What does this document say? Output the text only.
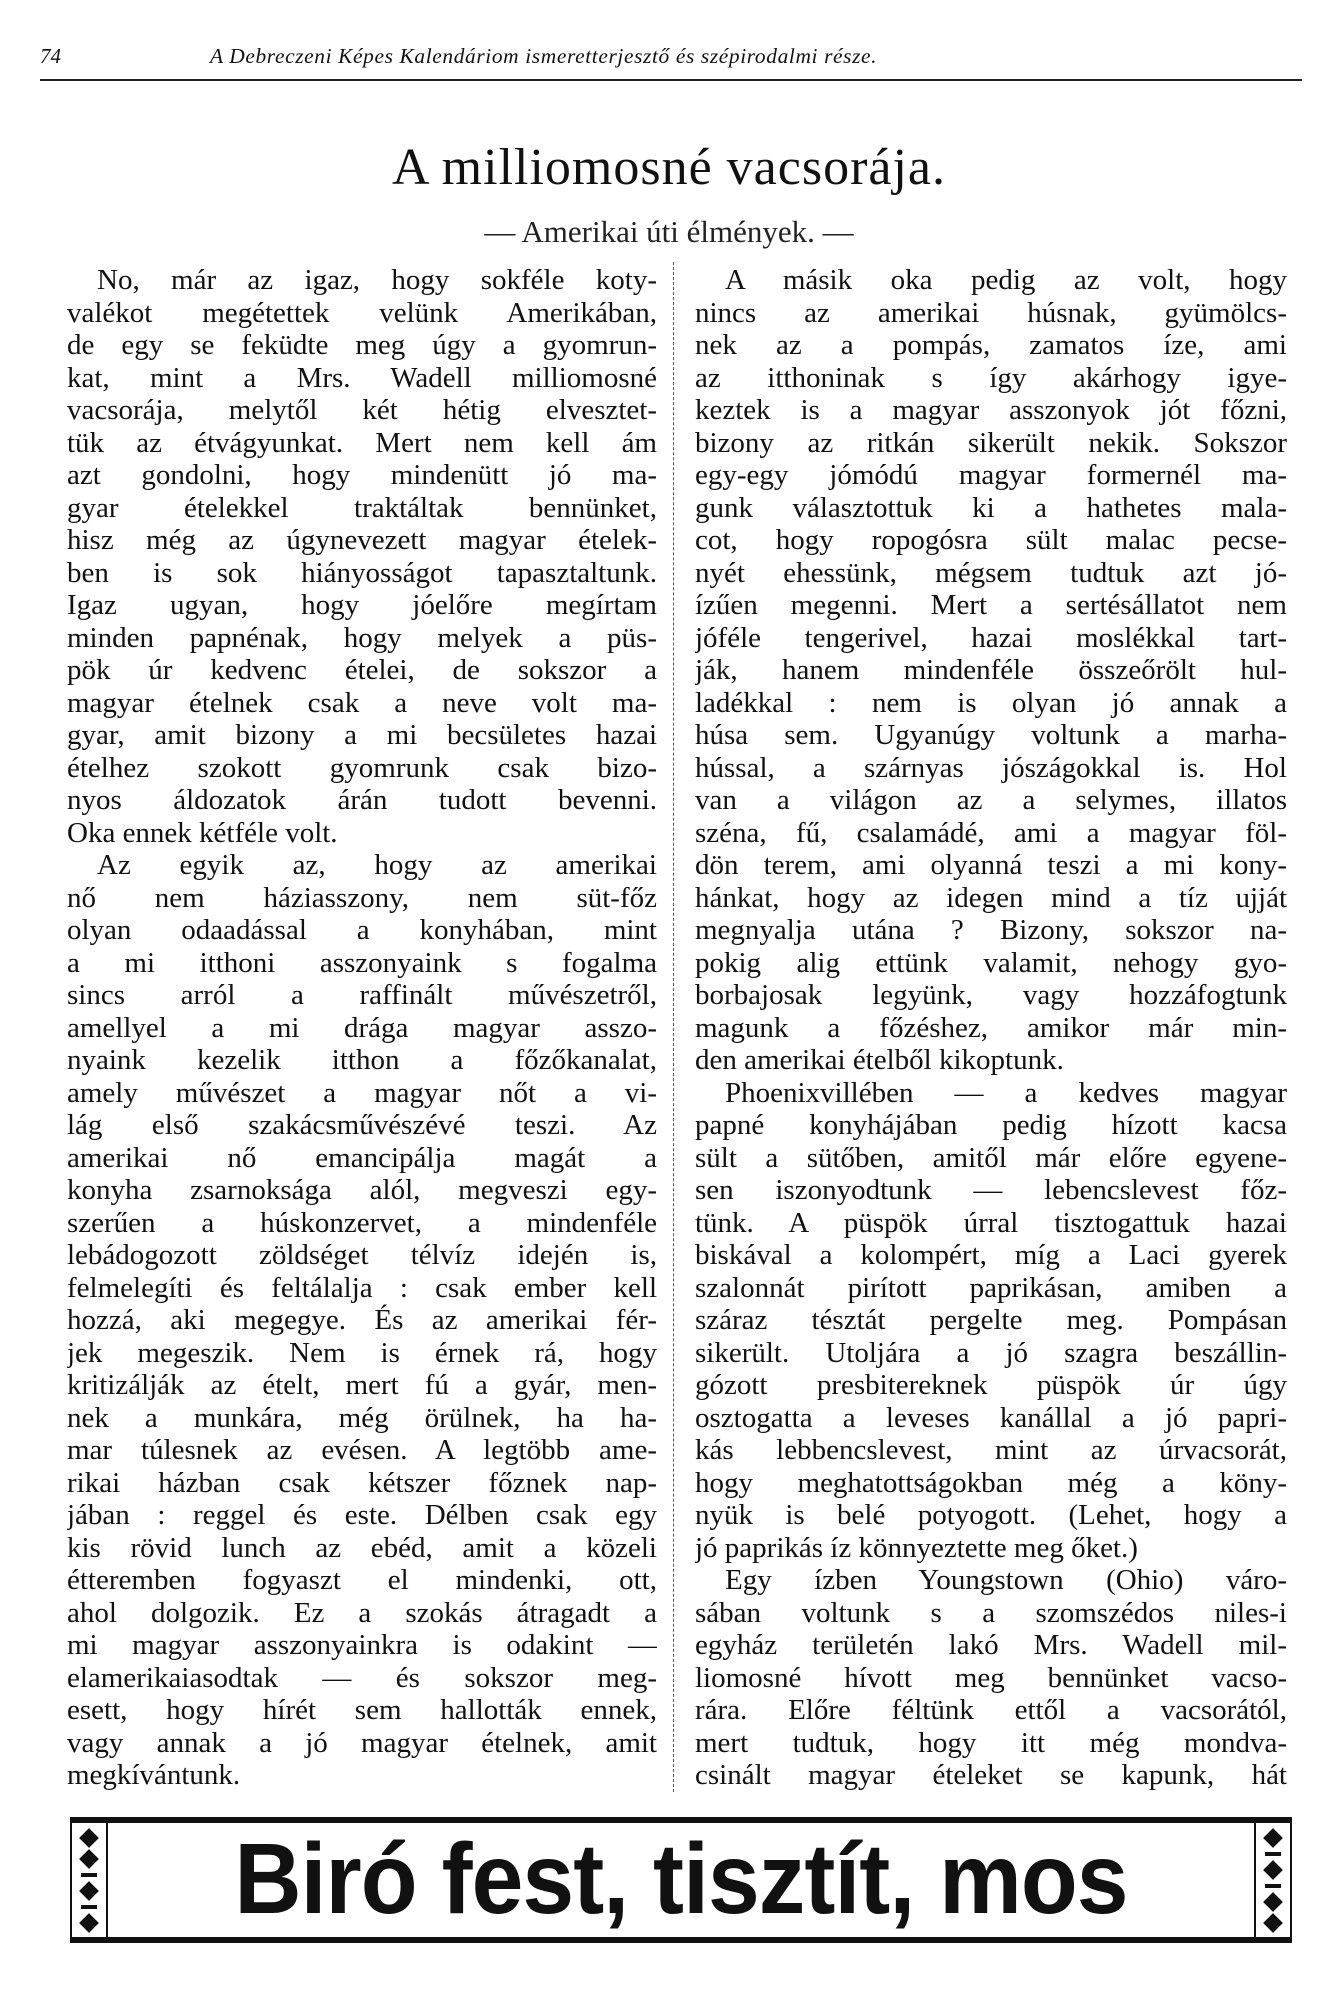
74	A Debreczeni Képes Kalendáriom ismeretterjesztő és szépirodalmi része.
A milliomosné vacsorája.
— Amerikai úti élmények. —
No, már az igaz, hogy sokféle koty-
valékot megétettek velünk Amerikában,
de egy se feküdte meg úgy a gyomrun-
kat, mint a Mrs. Wadell milliomosné
vacsorája, melytől két hétig elvesztet-
tük az étvágyunkat. Mert nem kell ám
azt gondolni, hogy mindenütt jó ma-
gyar ételekkel traktáltak bennünket,
hisz még az úgynevezett magyar ételek-
ben is sok hiányosságot tapasztaltunk.
Igaz ugyan, hogy jóelőre megírtam
minden papnénak, hogy melyek a püs-
pök úr kedvenc ételei, de sokszor a
magyar ételnek csak a neve volt ma-
gyar, amit bizony a mi becsületes hazai
ételhez szokott gyomrunk csak bizo-
nyos áldozatok árán tudott bevenni.
Oka ennek kétféle volt.
Az egyik az, hogy az amerikai
nő nem háziasszony, nem süt-főz
olyan odaadással a konyhában, mint
a mi itthoni asszonyaink s fogalma
sincs arról a raffinált művészetről,
amellyel a mi drága magyar asszo-
nyaink kezelik itthon a főzőkanalat,
amely művészet a magyar nőt a vi-
lág első szakácsművészévé teszi. Az
amerikai nő emancipálja magát a
konyha zsarnoksága alól, megveszi egy-
szerűen a húskonzervet, a mindenféle
lebádogozott zöldséget télvíz idején is,
felmelegíti és feltálalja : csak ember kell
hozzá, aki megegye. És az amerikai fér-
jek megeszik. Nem is érnek rá, hogy
kritizálják az ételt, mert fú a gyár, men-
nek a munkára, még örülnek, ha ha-
mar túlesnek az evésen. A legtöbb ame-
rikai házban csak kétszer főznek nap-
jában : reggel és este. Délben csak egy
kis rövid lunch az ebéd, amit a közeli
étteremben fogyaszt el mindenki, ott,
ahol dolgozik. Ez a szokás átragadt a
mi magyar asszonyainkra is odakint —
elamerikaiasodtak — és sokszor meg-
esett, hogy hírét sem hallották ennek,
vagy annak a jó magyar ételnek, amit
megkívántunk.
A másik oka pedig az volt, hogy
nincs az amerikai húsnak, gyümölcs-
nek az a pompás, zamatos íze, ami
az itthoninak s így akárhogy igye-
keztek is a magyar asszonyok jót főzni,
bizony az ritkán sikerült nekik. Sokszor
egy-egy jómódú magyar formernél ma-
gunk választottuk ki a hathetes mala-
cot, hogy ropogósra sült malac pecse-
nyét ehessünk, mégsem tudtuk azt jó-
ízűen megenni. Mert a sertésállatot nem
jóféle tengerivel, hazai moslékkal tart-
ják, hanem mindenféle összeőrölt hul-
ladékkal : nem is olyan jó annak a
húsa sem. Ugyanúgy voltunk a marha-
hússal, a szárnyas jószágokkal is. Hol
van a világon az a selymes, illatos
széna, fű, csalamádé, ami a magyar föl-
dön terem, ami olyanná teszi a mi kony-
hánkat, hogy az idegen mind a tíz ujját
megnyalja utána ? Bizony, sokszor na-
pokig alig ettünk valamit, nehogy gyo-
borbajosak legyünk, vagy hozzáfogtunk
magunk a főzéshez, amikor már min-
den amerikai ételből kikoptunk.
Phoenixvillében — a kedves magyar
papné konyhájában pedig hízott kacsa
sült a sütőben, amitől már előre egyene-
sen iszonyodtunk — lebencslevest főz-
tünk. A püspök úrral tisztogattuk hazai
biskával a kolompért, míg a Laci gyerek
szalonnát pirított paprikásan, amiben a
száraz tésztát pergelte meg. Pompásan
sikerült. Utoljára a jó szagra beszállin-
gózott presbitereknek püspök úr úgy
osztogatta a leveses kanállal a jó papri-
kás lebbencslevest, mint az úrvacsorát,
hogy meghatottságokban még a köny-
nyük is belé potyogott. (Lehet, hogy a
jó paprikás íz könnyeztette meg őket.)
Egy ízben Youngstown (Ohio) váro-
sában voltunk s a szomszédos niles-i
egyház területén lakó Mrs. Wadell mil-
liomosné hívott meg bennünket vacso-
rára. Előre féltünk ettől a vacsorától,
mert tudtuk, hogy itt még mondva-
csinált magyar ételeket se kapunk, hát
Biró fest, tisztít, mos
